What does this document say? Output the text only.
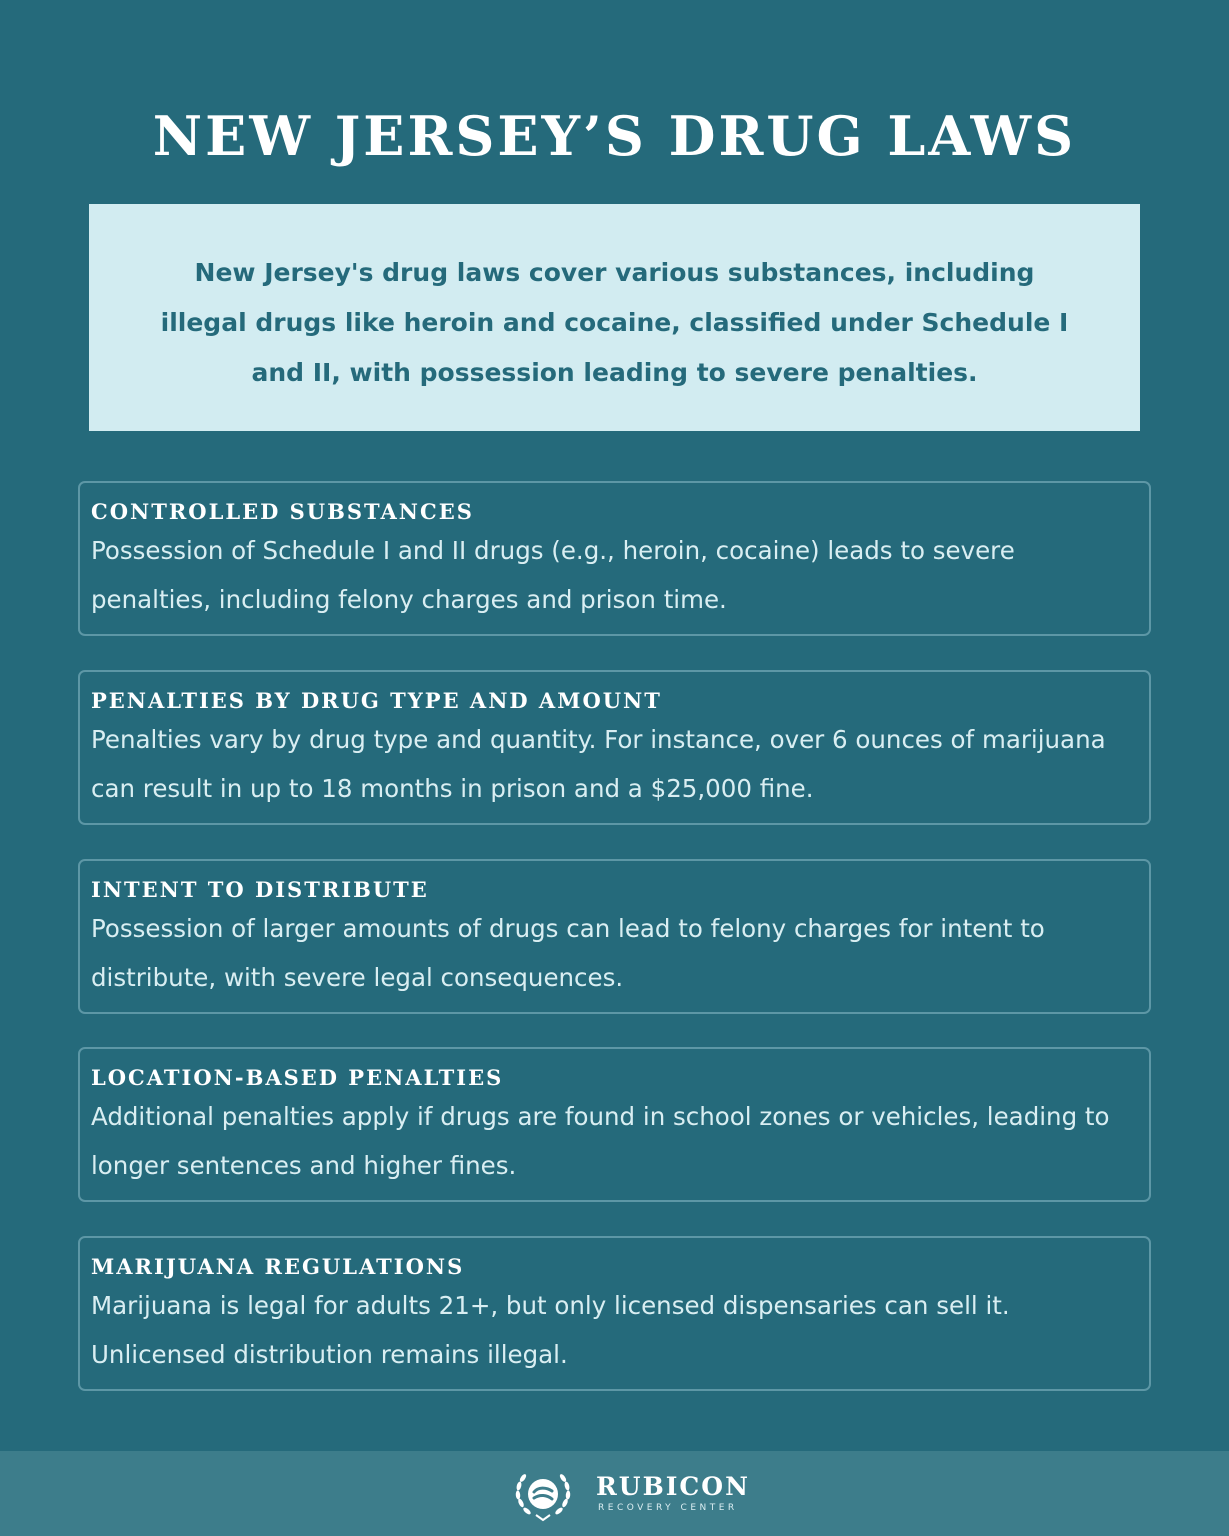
NEW JERSEY’S DRUG LAWS
New Jersey's drug laws cover various substances, including illegal drugs like heroin and cocaine, classified under Schedule I and II, with possession leading to severe penalties.
CONTROLLED SUBSTANCES
Possession of Schedule I and II drugs (e.g., heroin, cocaine) leads to severe penalties, including felony charges and prison time.
PENALTIES BY DRUG TYPE AND AMOUNT
Penalties vary by drug type and quantity. For instance, over 6 ounces of marijuana can result in up to 18 months in prison and a $25,000 fine.
INTENT TO DISTRIBUTE
Possession of larger amounts of drugs can lead to felony charges for intent to distribute, with severe legal consequences.
LOCATION-BASED PENALTIES
Additional penalties apply if drugs are found in school zones or vehicles, leading to longer sentences and higher fines.
MARIJUANA REGULATIONS
Marijuana is legal for adults 21+, but only licensed dispensaries can sell it. Unlicensed distribution remains illegal.
RUBICON
RECOVERY CENTER
